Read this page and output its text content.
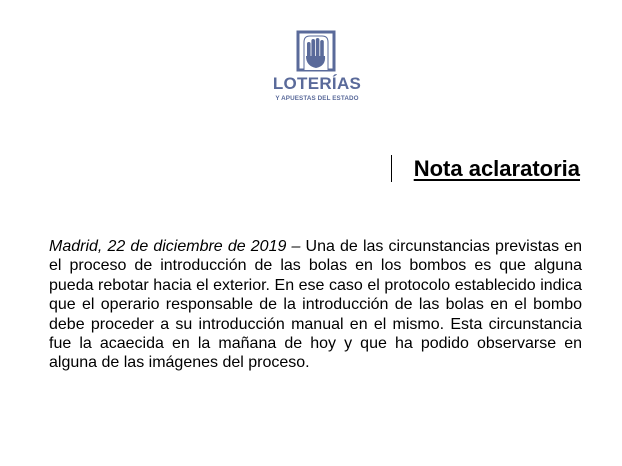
LOTERÍAS
Y APUESTAS DEL ESTADO
Nota aclaratoria

Madrid, 22 de diciembre de 2019 – Una de las circunstancias previstas en el proceso de introducción de las bolas en los bombos es que alguna pueda rebotar hacia el exterior. En ese caso el protocolo establecido indica que el operario responsable de la introducción de las bolas en el bombo debe proceder a su introducción manual en el mismo. Esta circunstancia fue la acaecida en la mañana de hoy y que ha podido observarse en alguna de las imágenes del proceso.
